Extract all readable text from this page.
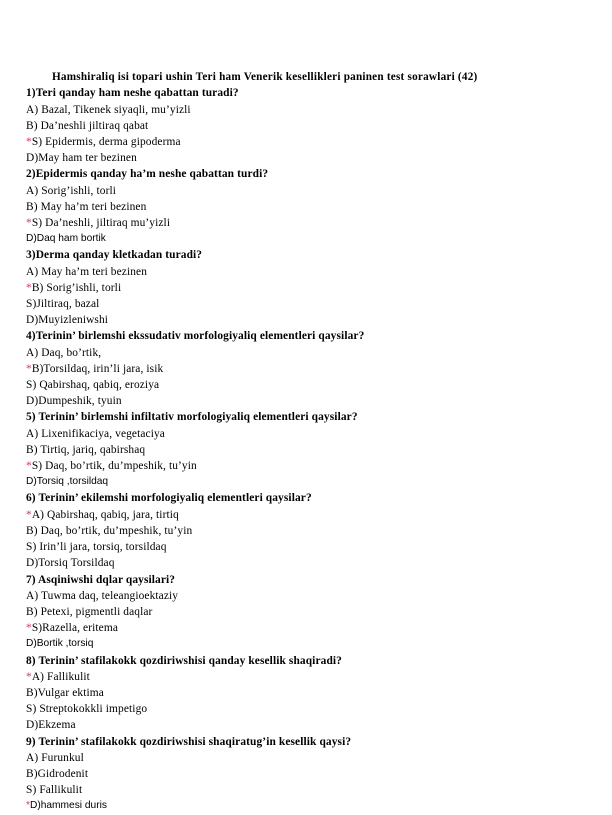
Hamshiraliq isi topari ushin Teri ham Venerik kesellikleri paninen test sorawlari (42)
1)Teri qanday ham neshe qabattan turadi?
A) Bazal, Tikenek siyaqli, mu’yizli
B) Da’neshli jiltiraq qabat
*S) Epidermis, derma gipoderma
D)May ham ter bezinen
2)Epidermis qanday ha’m neshe qabattan turdi?
A) Sorig’ishli, torli
B) May ha’m teri bezinen
*S) Da’neshli, jiltiraq mu’yizli
D)Daq ham bortik
3)Derma qanday kletkadan turadi?
A) May ha’m teri bezinen
*B) Sorig’ishli, torli
S)Jiltiraq, bazal
D)Muyizleniwshi
4)Terinin’ birlemshi ekssudativ morfologiyaliq elementleri qaysilar?
A) Daq, bo’rtik,
*B)Torsildaq, irin’li jara, isik
S) Qabirshaq, qabiq, eroziya
D)Dumpeshik, tyuin
5) Terinin’ birlemshi infiltativ morfologiyaliq elementleri qaysilar?
A) Lixenifikaciya, vegetaciya
B) Tirtiq, jariq, qabirshaq
*S) Daq, bo’rtik, du’mpeshik, tu’yin
D)Torsiq ,torsildaq
6) Terinin’ ekilemshi morfologiyaliq elementleri qaysilar?
*A) Qabirshaq, qabiq, jara, tirtiq
B) Daq, bo’rtik, du’mpeshik, tu’yin
S) Irin’li jara, torsiq, torsildaq
D)Torsiq Torsildaq
7) Asqiniwshi dqlar qaysilari?
A) Tuwma daq, teleangioektaziy
B) Petexi, pigmentli daqlar
*S)Razella, eritema
D)Bortik ,torsiq
8) Terinin’ stafilakokk qozdiriwshisi qanday kesellik shaqiradi?
*A) Fallikulit
B)Vulgar ektima
S) Streptokokkli impetigo
D)Ekzema
9) Terinin’ stafilakokk qozdiriwshisi shaqiratug’in kesellik qaysi?
A) Furunkul
B)Gidrodenit
S) Fallikulit
*D)hammesi duris
